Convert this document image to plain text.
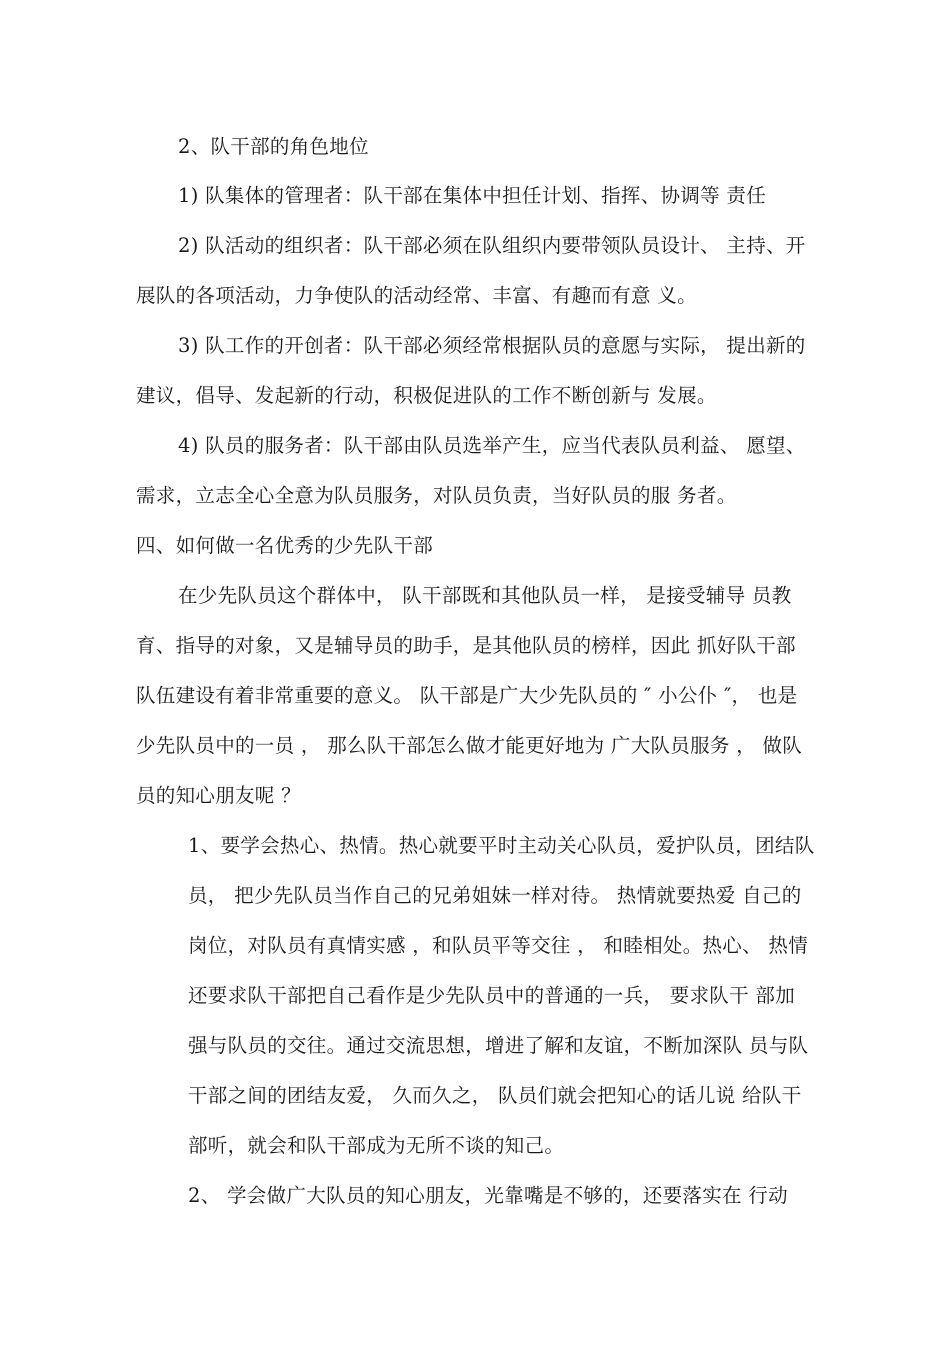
2、队干部的角色地位
1) 队集体的管理者：队干部在集体中担任计划、指挥、协调等 责任
2) 队活动的组织者：队干部必须在队组织内要带领队员设计、 主持、开
展队的各项活动，力争使队的活动经常、丰富、有趣而有意 义。
3) 队工作的开创者：队干部必须经常根据队员的意愿与实际， 提出新的
建议，倡导、发起新的行动，积极促进队的工作不断创新与 发展。
4) 队员的服务者：队干部由队员选举产生，应当代表队员利益、 愿望、
需求，立志全心全意为队员服务，对队员负责，当好队员的服 务者。
四、如何做一名优秀的少先队干部
在少先队员这个群体中， 队干部既和其他队员一样， 是接受辅导 员教
育、指导的对象，又是辅导员的助手，是其他队员的榜样，因此 抓好队干部
队伍建设有着非常重要的意义。 队干部是广大少先队员的 ″ 小公仆 ″， 也是
少先队员中的一员 ， 那么队干部怎么做才能更好地为 广大队员服务 ， 做队
员的知心朋友呢 ？
1、要学会热心、热情。热心就要平时主动关心队员，爱护队员，团结队
员， 把少先队员当作自己的兄弟姐妹一样对待。 热情就要热爱 自己的
岗位，对队员有真情实感 ，和队员平等交往 ， 和睦相处。热心、 热情
还要求队干部把自己看作是少先队员中的普通的一兵， 要求队干 部加
强与队员的交往。通过交流思想，增进了解和友谊，不断加深队 员与队
干部之间的团结友爱， 久而久之， 队员们就会把知心的话儿说 给队干
部听，就会和队干部成为无所不谈的知己。
2、 学会做广大队员的知心朋友，光靠嘴是不够的，还要落实在 行动
